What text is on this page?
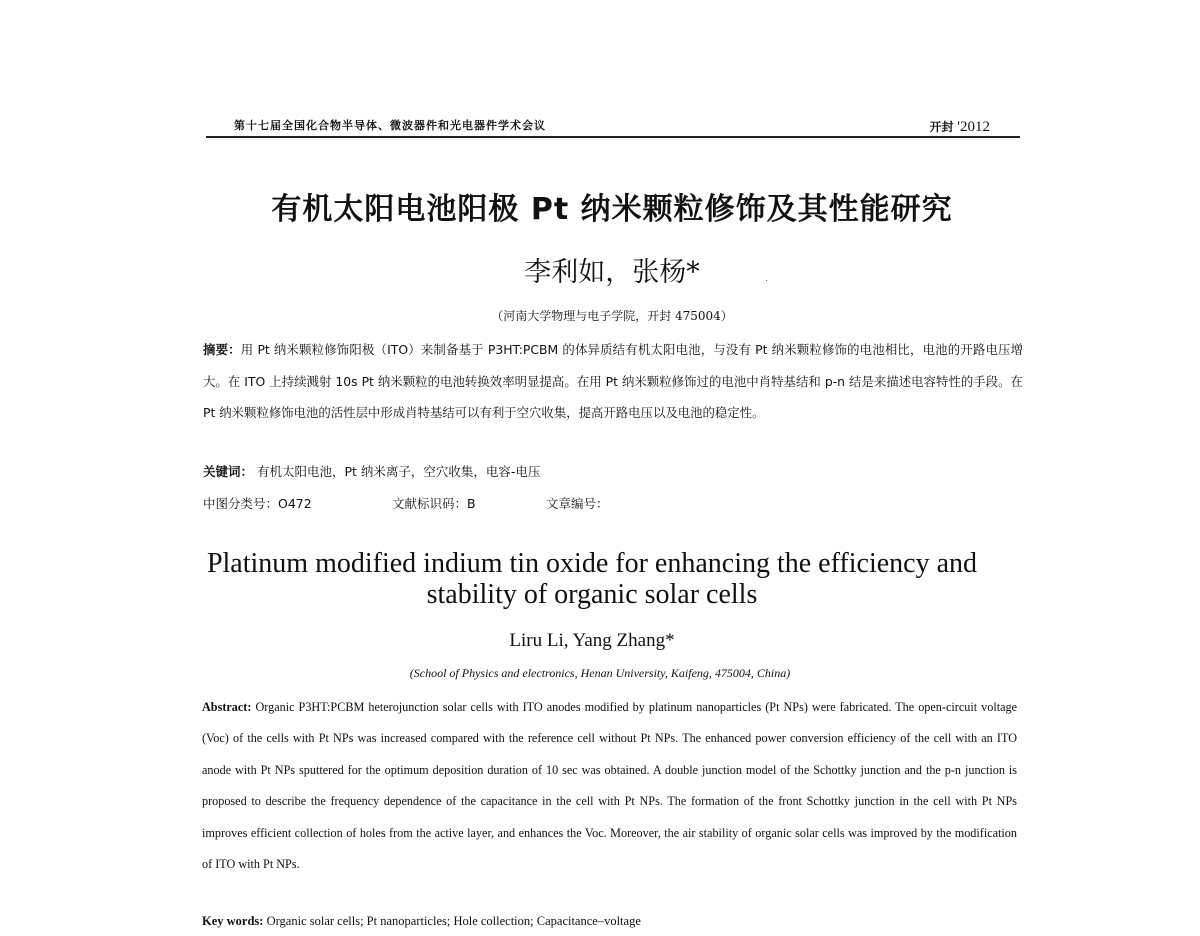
第十七届全国化合物半导体、微波器件和光电器件学术会议	开封 '2012
有机太阳电池阳极 Pt 纳米颗粒修饰及其性能研究
李利如，张杨*
（河南大学物理与电子学院，开封 475004）
摘要：用 Pt 纳米颗粒修饰阳极（ITO）来制备基于 P3HT:PCBM 的体异质结有机太阳电池，与没有 Pt 纳米颗粒修饰的电池相比，电池的开路电压增大。在 ITO 上持续溅射 10s Pt 纳米颗粒的电池转换效率明显提高。在用 Pt 纳米颗粒修饰过的电池中肖特基结和 p-n 结是来描述电容特性的手段。在 Pt 纳米颗粒修饰电池的活性层中形成肖特基结可以有利于空穴收集，提高开路电压以及电池的稳定性。
关键词： 有机太阳电池，Pt 纳米离子，空穴收集，电容-电压
中图分类号：O472	文献标识码：B	文章编号：
Platinum modified indium tin oxide for enhancing the efficiency and
stability of organic solar cells
Liru Li, Yang Zhang*
(School of Physics and electronics, Henan University, Kaifeng, 475004, China)
Abstract: Organic P3HT:PCBM heterojunction solar cells with ITO anodes modified by platinum nanoparticles (Pt NPs) were fabricated. The open-circuit voltage (Voc) of the cells with Pt NPs was increased compared with the reference cell without Pt NPs. The enhanced power conversion efficiency of the cell with an ITO anode with Pt NPs sputtered for the optimum deposition duration of 10 sec was obtained. A double junction model of the Schottky junction and the p-n junction is proposed to describe the frequency dependence of the capacitance in the cell with Pt NPs. The formation of the front Schottky junction in the cell with Pt NPs improves efficient collection of holes from the active layer, and enhances the Voc. Moreover, the air stability of organic solar cells was improved by the modification of ITO with Pt NPs.
Key words: Organic solar cells; Pt nanoparticles; Hole collection; Capacitance–voltage
